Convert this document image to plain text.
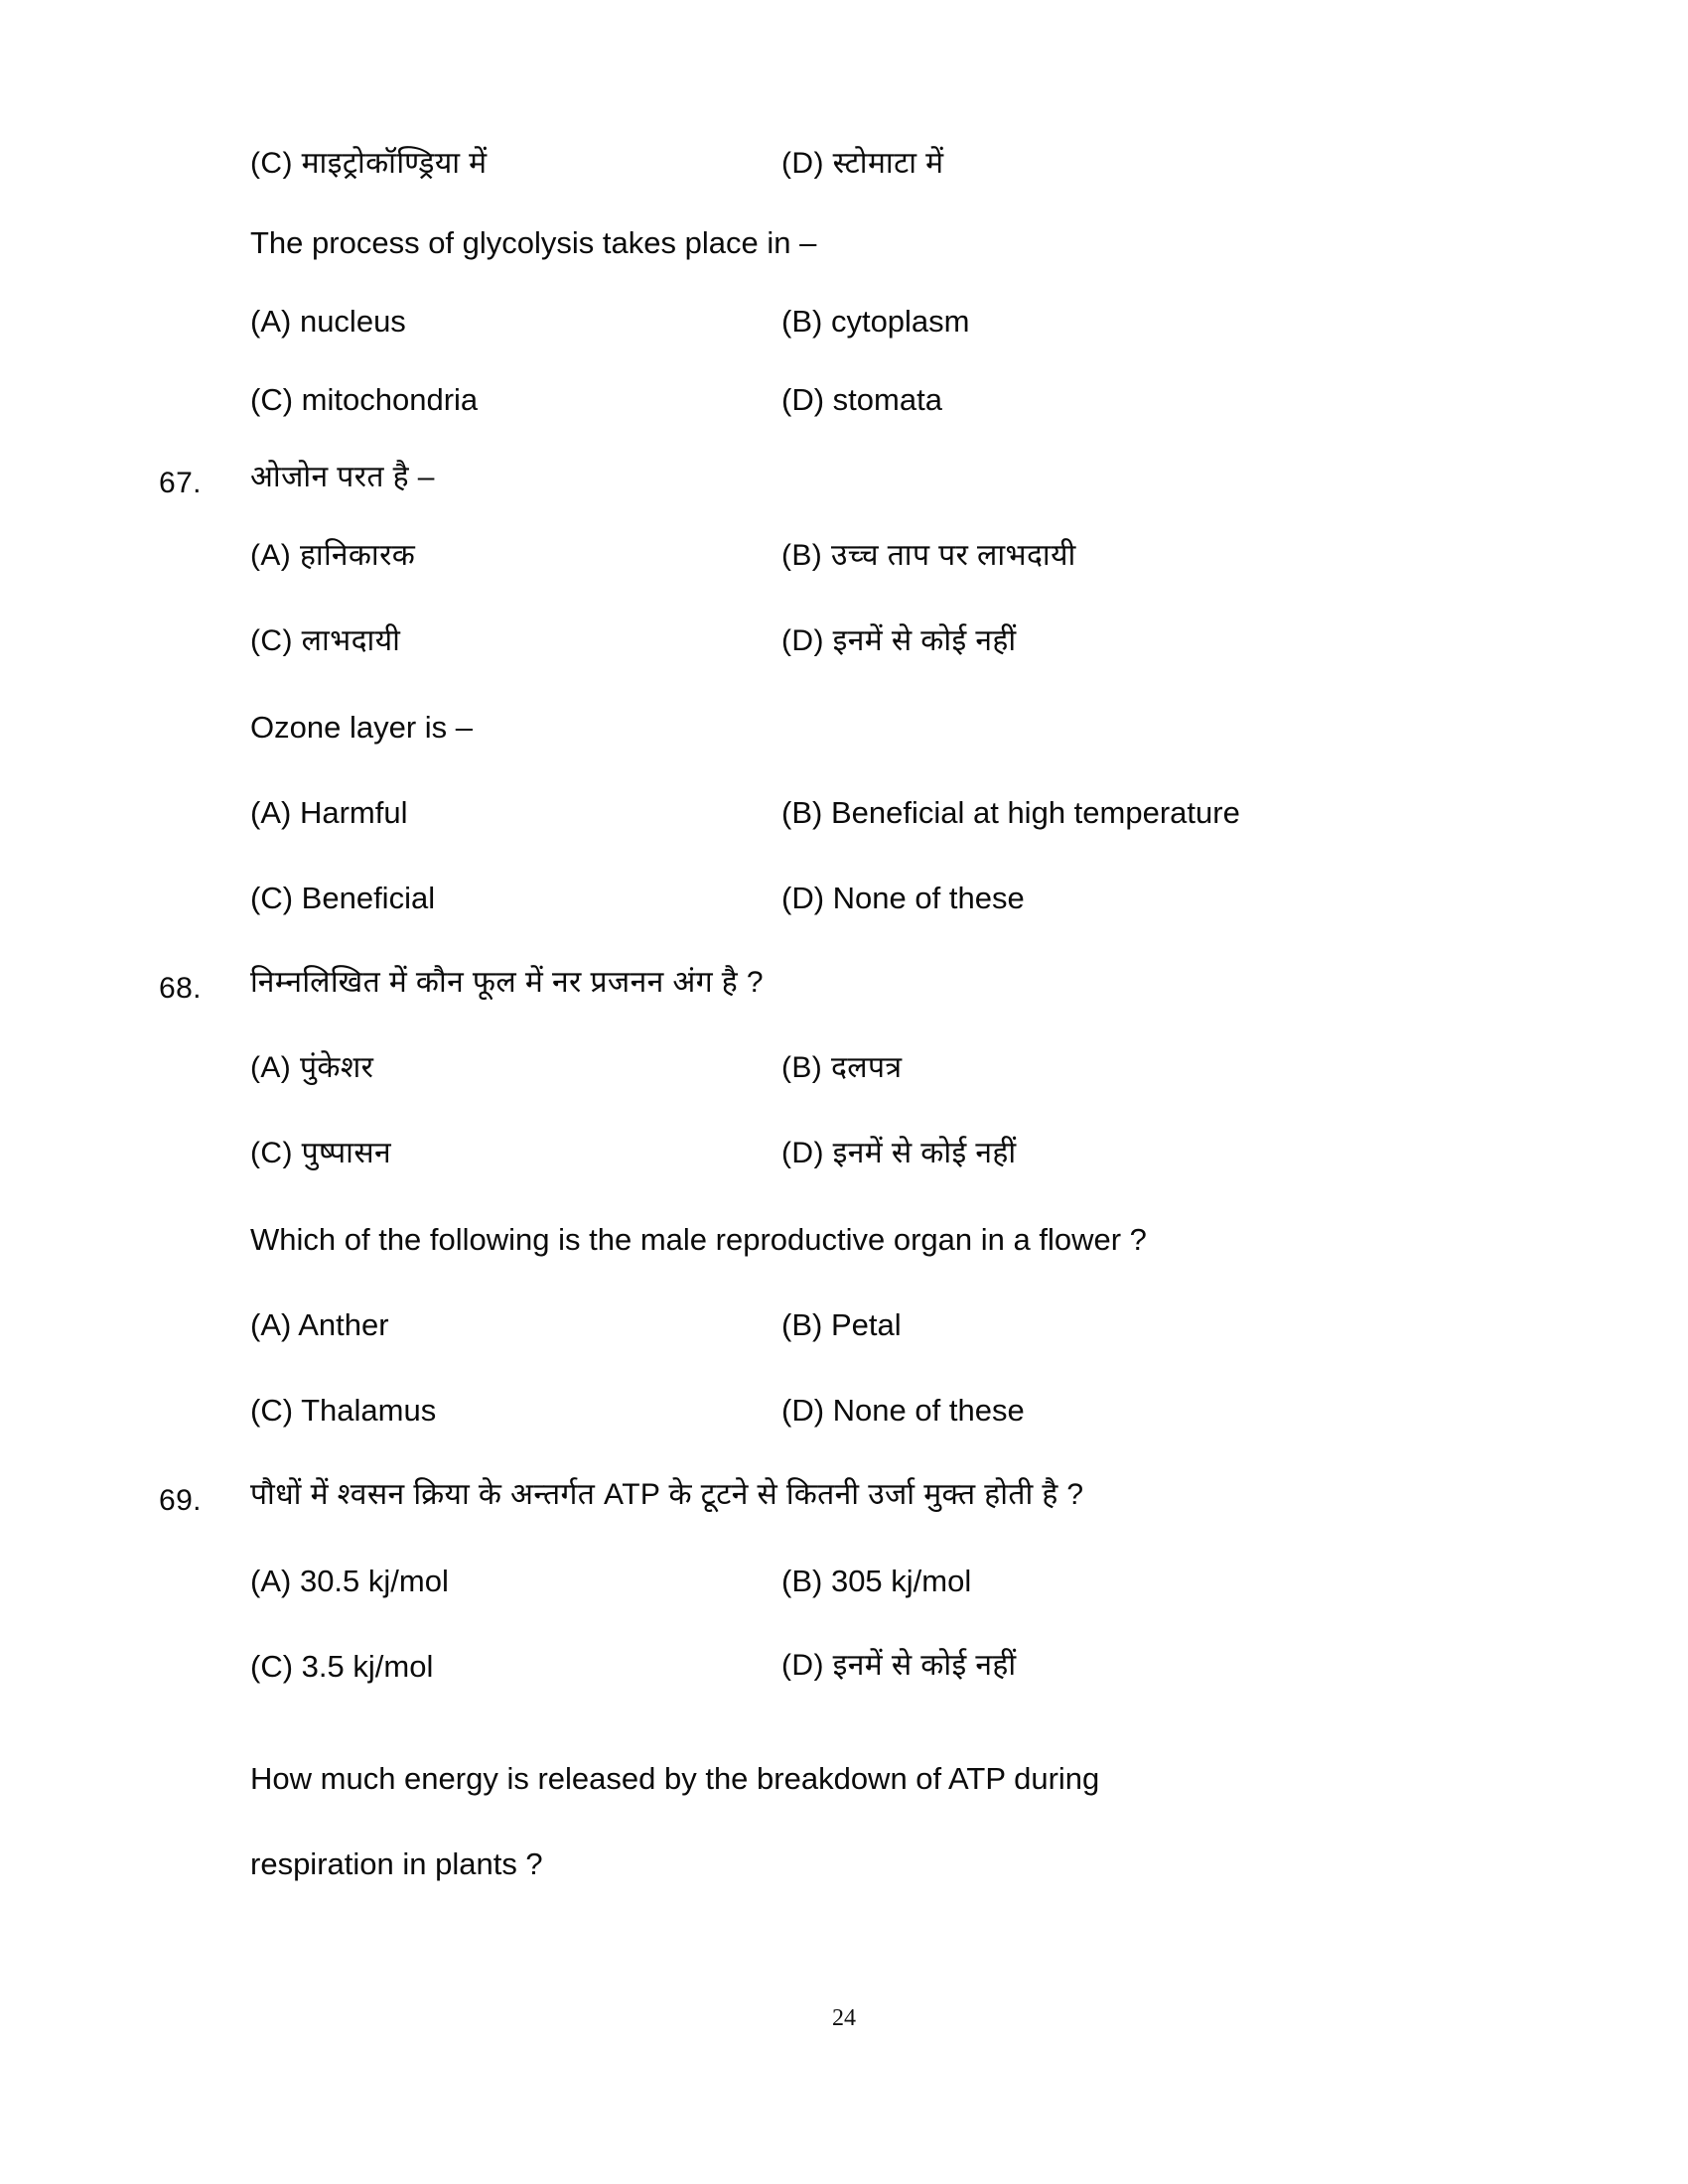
(C) माइट्रोकॉण्ड्रिया में	(D) स्टोमाटा में
The process of glycolysis takes place in –
(A) nucleus	(B) cytoplasm
(C) mitochondria	(D) stomata
67.	ओजोन परत है –
(A) हानिकारक	(B) उच्च ताप पर लाभदायी
(C) लाभदायी	(D) इनमें से कोई नहीं
Ozone layer is –
(A) Harmful	(B) Beneficial at high temperature
(C) Beneficial	(D) None of these
68.	निम्नलिखित में कौन फूल में नर प्रजनन अंग है ?
(A) पुंकेशर	(B) दलपत्र
(C) पुष्पासन	(D) इनमें से कोई नहीं
Which of the following is the male reproductive organ in a flower ?
(A) Anther	(B) Petal
(C) Thalamus	(D) None of these
69.	पौधों में श्वसन क्रिया के अन्तर्गत ATP के टूटने से कितनी उर्जा मुक्त होती है ?
(A) 30.5 kj/mol	(B) 305 kj/mol
(C) 3.5 kj/mol	(D) इनमें से कोई नहीं
How much energy is released by the breakdown of ATP during
respiration in plants ?
24
